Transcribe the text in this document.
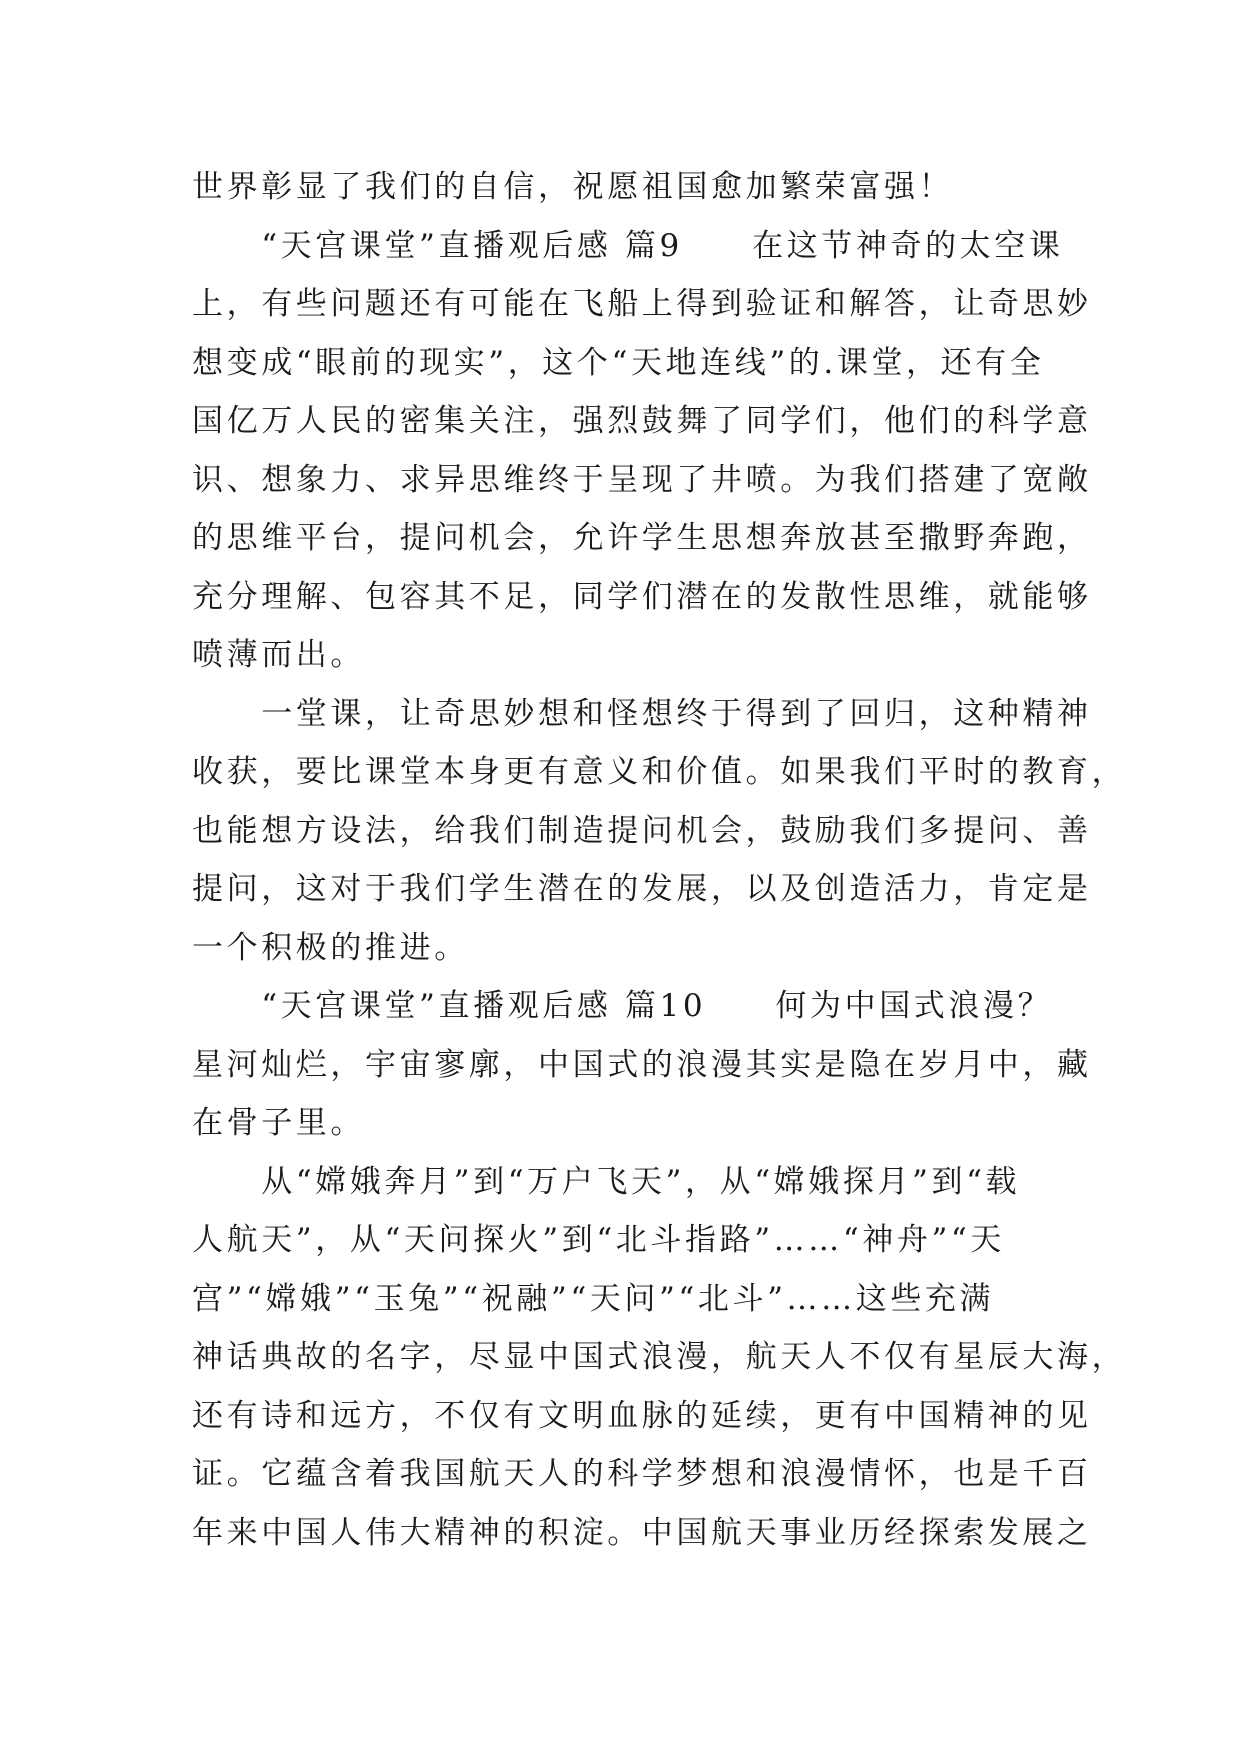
世界彰显了我们的自信，祝愿祖国愈加繁荣富强！
　　“天宫课堂”直播观后感 篇9　　在这节神奇的太空课
上，有些问题还有可能在飞船上得到验证和解答，让奇思妙
想变成“眼前的现实”，这个“天地连线”的.课堂，还有全
国亿万人民的密集关注，强烈鼓舞了同学们，他们的科学意
识、想象力、求异思维终于呈现了井喷。为我们搭建了宽敞
的思维平台，提问机会，允许学生思想奔放甚至撒野奔跑，
充分理解、包容其不足，同学们潜在的发散性思维，就能够
喷薄而出。
　　一堂课，让奇思妙想和怪想终于得到了回归，这种精神
收获，要比课堂本身更有意义和价值。如果我们平时的教育，
也能想方设法，给我们制造提问机会，鼓励我们多提问、善
提问，这对于我们学生潜在的发展，以及创造活力，肯定是
一个积极的推进。
　　“天宫课堂”直播观后感 篇10　　何为中国式浪漫？
星河灿烂，宇宙寥廓，中国式的浪漫其实是隐在岁月中，藏
在骨子里。
　　从“嫦娥奔月”到“万户飞天”，从“嫦娥探月”到“载
人航天”，从“天问探火”到“北斗指路”……“神舟”“天
宫”“嫦娥”“玉兔”“祝融”“天问”“北斗”……这些充满
神话典故的名字，尽显中国式浪漫，航天人不仅有星辰大海，
还有诗和远方，不仅有文明血脉的延续，更有中国精神的见
证。它蕴含着我国航天人的科学梦想和浪漫情怀，也是千百
年来中国人伟大精神的积淀。中国航天事业历经探索发展之
